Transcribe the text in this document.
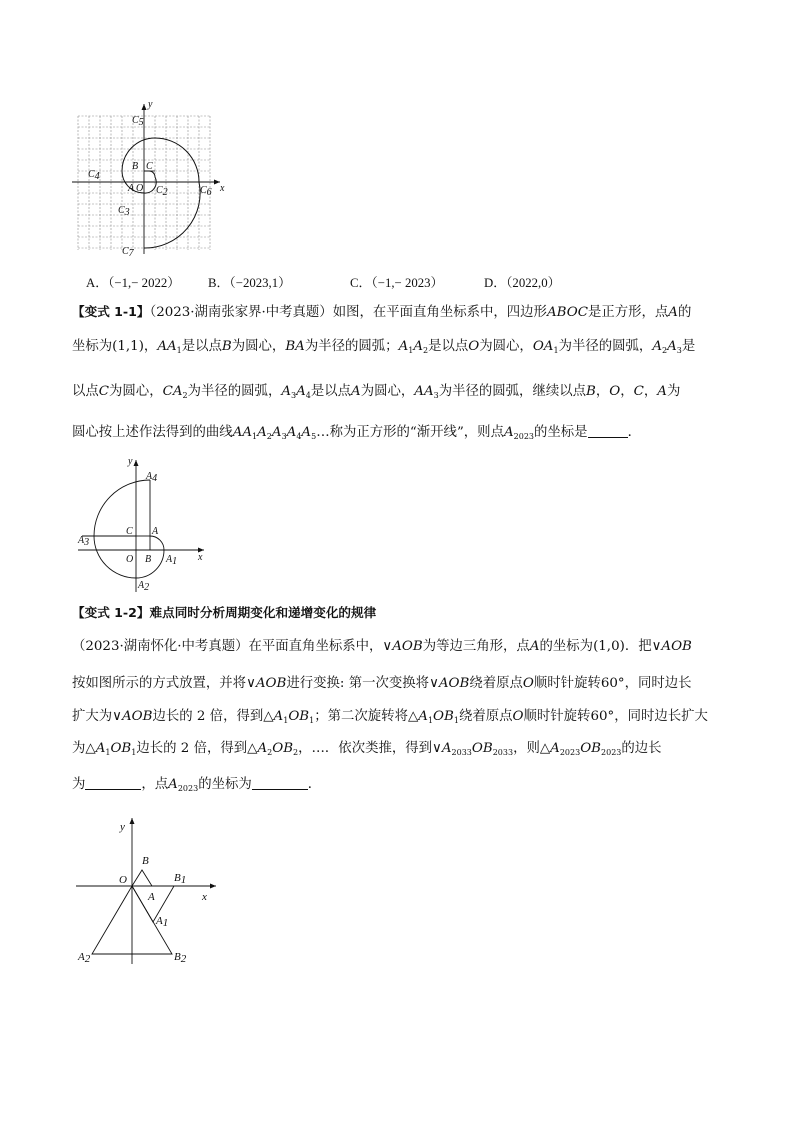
y
x
C5
B C
C4
A O C2	C6
C3
C7
A．（−1,− 2022） B．（−2023,1）	C．（−1,− 2023）	D．（2022,0）
【变式 1-1】（2023·湖南张家界·中考真题）如图，在平面直角坐标系中，四边形ABOC是正方形，点A的
坐标为(1,1)，$AA_1$是以点B为圆心，BA为半径的圆弧；$A_1A_2$是以点O为圆心，$OA_1$为半径的圆弧，$A_2A_3$是
以点C为圆心，$CA_2$为半径的圆弧，$A_3A_4$是以点A为圆心，$AA_3$为半径的圆弧，继续以点B，O，C，A为
圆心按上述作法得到的曲线$AA_1A_2A_3A_4A_5\dots$称为正方形的“渐开线”，则点$A_{2023}$的坐标是	．
y
A4
C A
A3
O B A1 x
A2
【变式 1-2】难点同时分析周期变化和递增变化的规律
（2023·湖南怀化·中考真题）在平面直角坐标系中，∨AOB为等边三角形，点A的坐标为(1,0)．把∨AOB
按如图所示的方式放置，并将∨AOB进行变换: 第一次变换将∨AOB绕着原点O顺时针旋转60°，同时边长
扩大为∨AOB边长的 2 倍，得到$\triangle A_1OB_1$；第二次旋转将$\triangle A_1OB_1$绕着原点O顺时针旋转60°，同时边长扩大
为$\triangle A_1OB_1$边长的 2 倍，得到$\triangle A_2OB_2$，…．依次类推，得到$\vee A_{2033}OB_{2033}$，则$\triangle A_{2023}OB_{2023}$的边长
为	，点$A_{2023}$的坐标为	．
y
O
B
B1
A	x
A1
A2	B2
